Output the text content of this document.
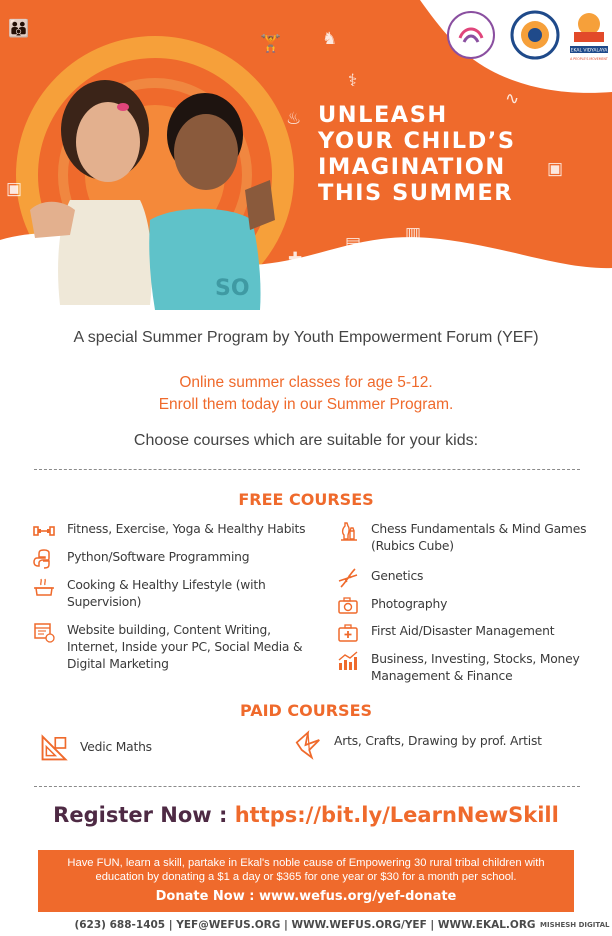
SO
👪
🏋 ♞
⚕
♨
∿
▣
▣
▤
▥
✚
UNLEASH
YOUR CHILD’S
IMAGINATION
THIS SUMMER
EKAL VIDYALAYA
A PEOPLE'S MOVEMENT
A special Summer Program by Youth Empowerment Forum (YEF)
Online summer classes for age 5-12.
Enroll them today in our Summer Program.
Choose courses which are suitable for your kids:
FREE COURSES
Fitness, Exercise, Yoga & Healthy Habits
Python/Software Programming
Cooking & Healthy Lifestyle (with Supervision)
Website building, Content Writing, Internet, Inside your PC, Social Media & Digital Marketing
Chess Fundamentals & Mind Games (Rubics Cube)
Genetics
Photography
First Aid/Disaster Management
Business, Investing, Stocks, Money Management & Finance
PAID COURSES
Vedic Maths	Arts, Crafts, Drawing by prof. Artist
Register Now : https://bit.ly/LearnNewSkill
Have FUN, learn a skill, partake in Ekal's noble cause of Empowering 30 rural tribal children with education by donating a $1 a day or $365 for one year or $30 for a month per school.
Donate Now : www.wefus.org/yef-donate
(623) 688-1405 | YEF@WEFUS.ORG | WWW.WEFUS.ORG/YEF | WWW.EKAL.ORG MISHESH DIGITAL
